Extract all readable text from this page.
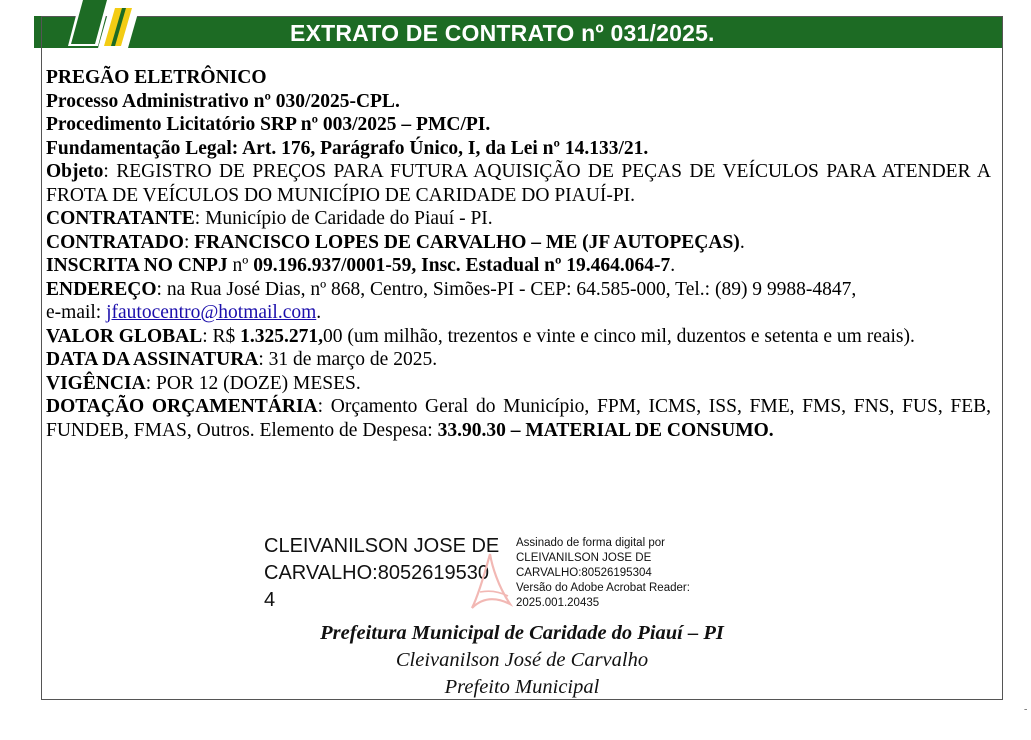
EXTRATO DE CONTRATO nº 031/2025.
PREGÃO ELETRÔNICO
Processo Administrativo nº 030/2025-CPL.
Procedimento Licitatório SRP nº 003/2025 – PMC/PI.
Fundamentação Legal: Art. 176, Parágrafo Único, I, da Lei nº 14.133/21.
Objeto: REGISTRO DE PREÇOS PARA FUTURA AQUISIÇÃO DE PEÇAS DE VEÍCULOS PARA ATENDER A FROTA DE VEÍCULOS DO MUNICÍPIO DE CARIDADE DO PIAUÍ-PI.
CONTRATANTE: Município de Caridade do Piauí - PI.
CONTRATADO: FRANCISCO LOPES DE CARVALHO – ME (JF AUTOPEÇAS).
INSCRITA NO CNPJ nº 09.196.937/0001-59, Insc. Estadual nº 19.464.064-7.
ENDEREÇO: na Rua José Dias, nº 868, Centro, Simões-PI - CEP: 64.585-000, Tel.: (89) 9 9988-4847,
e-mail: jfautocentro@hotmail.com.
VALOR GLOBAL: R$ 1.325.271,00 (um milhão, trezentos e vinte e cinco mil, duzentos e setenta e um reais).
DATA DA ASSINATURA: 31 de março de 2025.
VIGÊNCIA: POR 12 (DOZE) MESES.
DOTAÇÃO ORÇAMENTÁRIA: Orçamento Geral do Município, FPM, ICMS, ISS, FME, FMS, FNS, FUS, FEB, FUNDEB, FMAS, Outros. Elemento de Despesa: 33.90.30 – MATERIAL DE CONSUMO.
CLEIVANILSON JOSE DE
CARVALHO:8052619530
4
Assinado de forma digital por
CLEIVANILSON JOSE DE
CARVALHO:80526195304
Versão do Adobe Acrobat Reader:
2025.001.20435
Prefeitura Municipal de Caridade do Piauí – PI
Cleivanilson José de Carvalho
Prefeito Municipal
-
